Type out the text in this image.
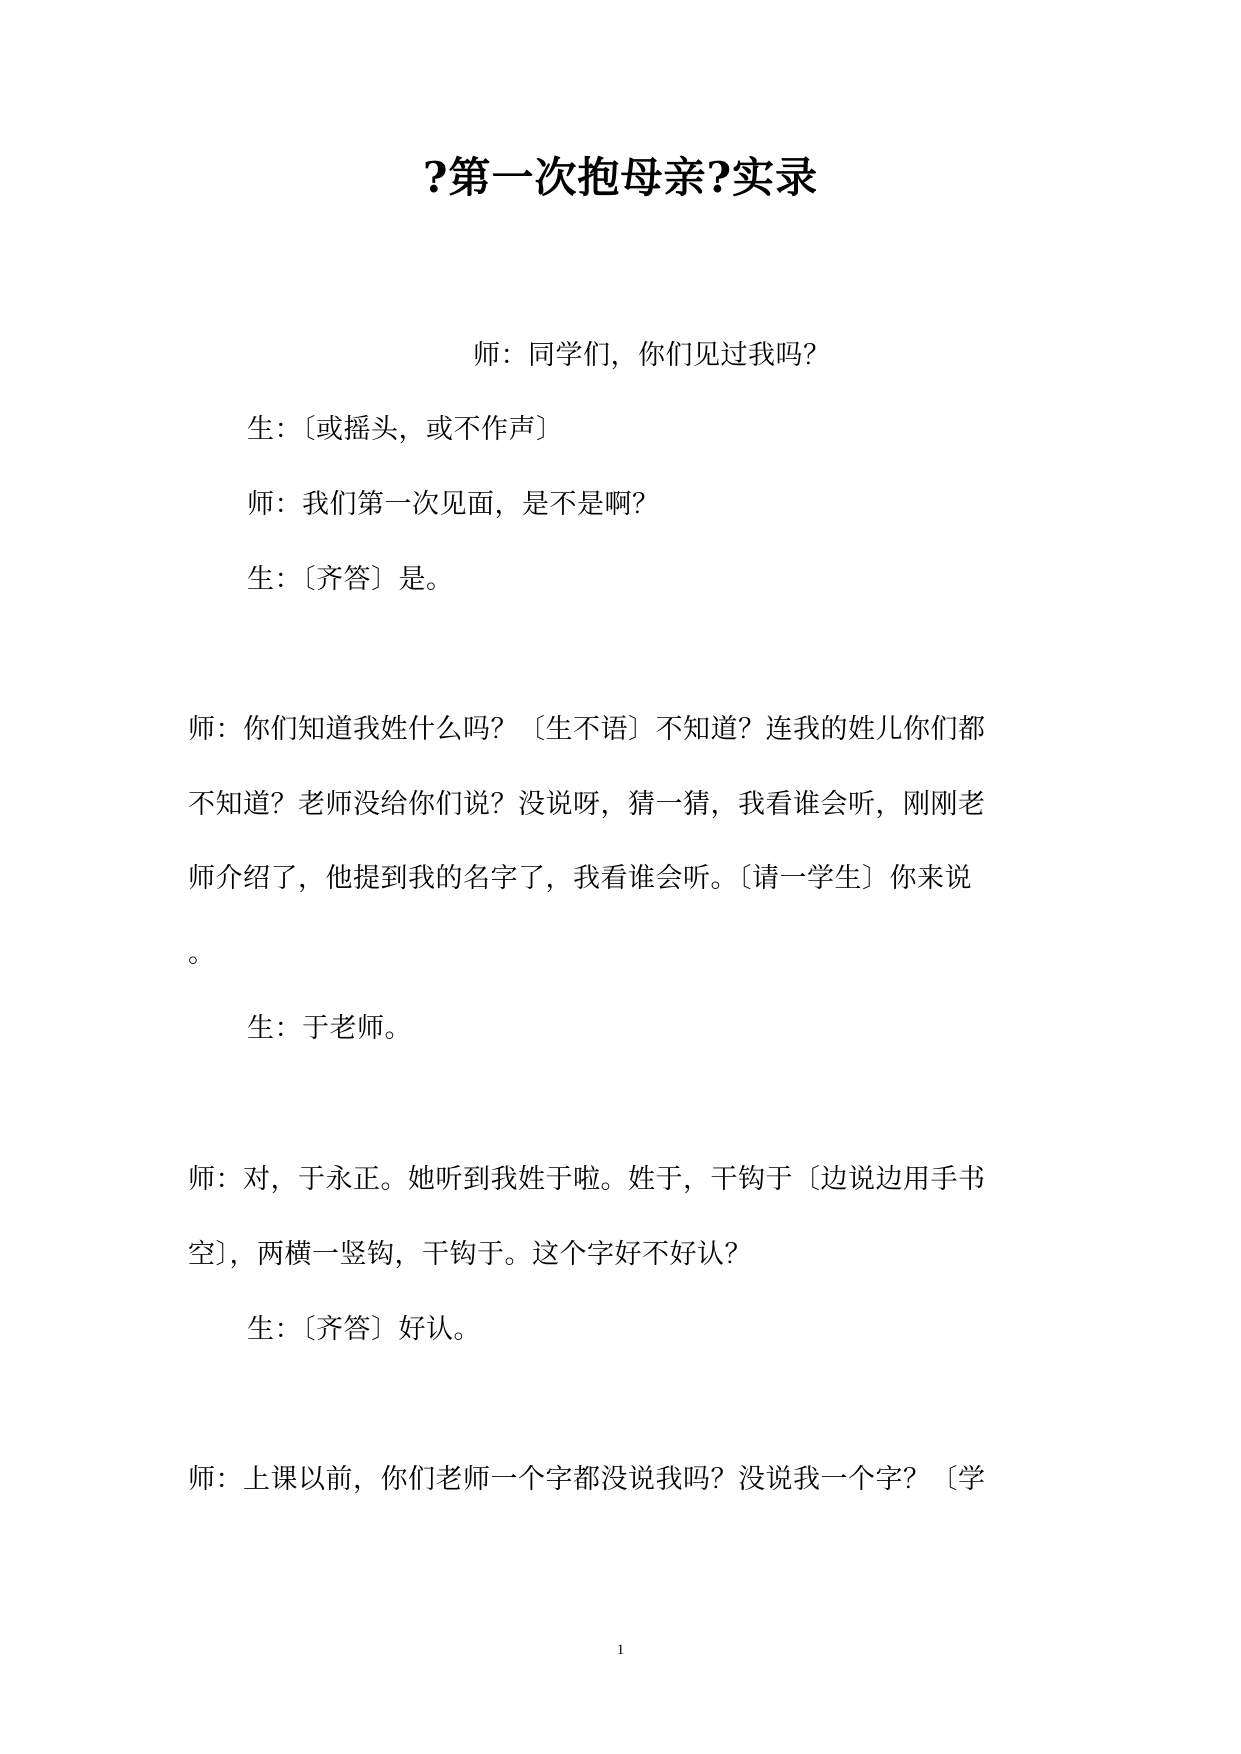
?第一次抱母亲?实录
师：同学们，你们见过我吗？
生：〔或摇头，或不作声〕
师：我们第一次见面，是不是啊？
生：〔齐答〕是。
师：你们知道我姓什么吗？〔生不语〕不知道？连我的姓儿你们都
不知道？老师没给你们说？没说呀，猜一猜，我看谁会听，刚刚老
师介绍了，他提到我的名字了，我看谁会听。〔请一学生〕你来说
。
生：于老师。
师：对，于永正。她听到我姓于啦。姓于，干钩于〔边说边用手书
空〕，两横一竖钩，干钩于。这个字好不好认？
生：〔齐答〕好认。
师：上课以前，你们老师一个字都没说我吗？没说我一个字？〔学
1
